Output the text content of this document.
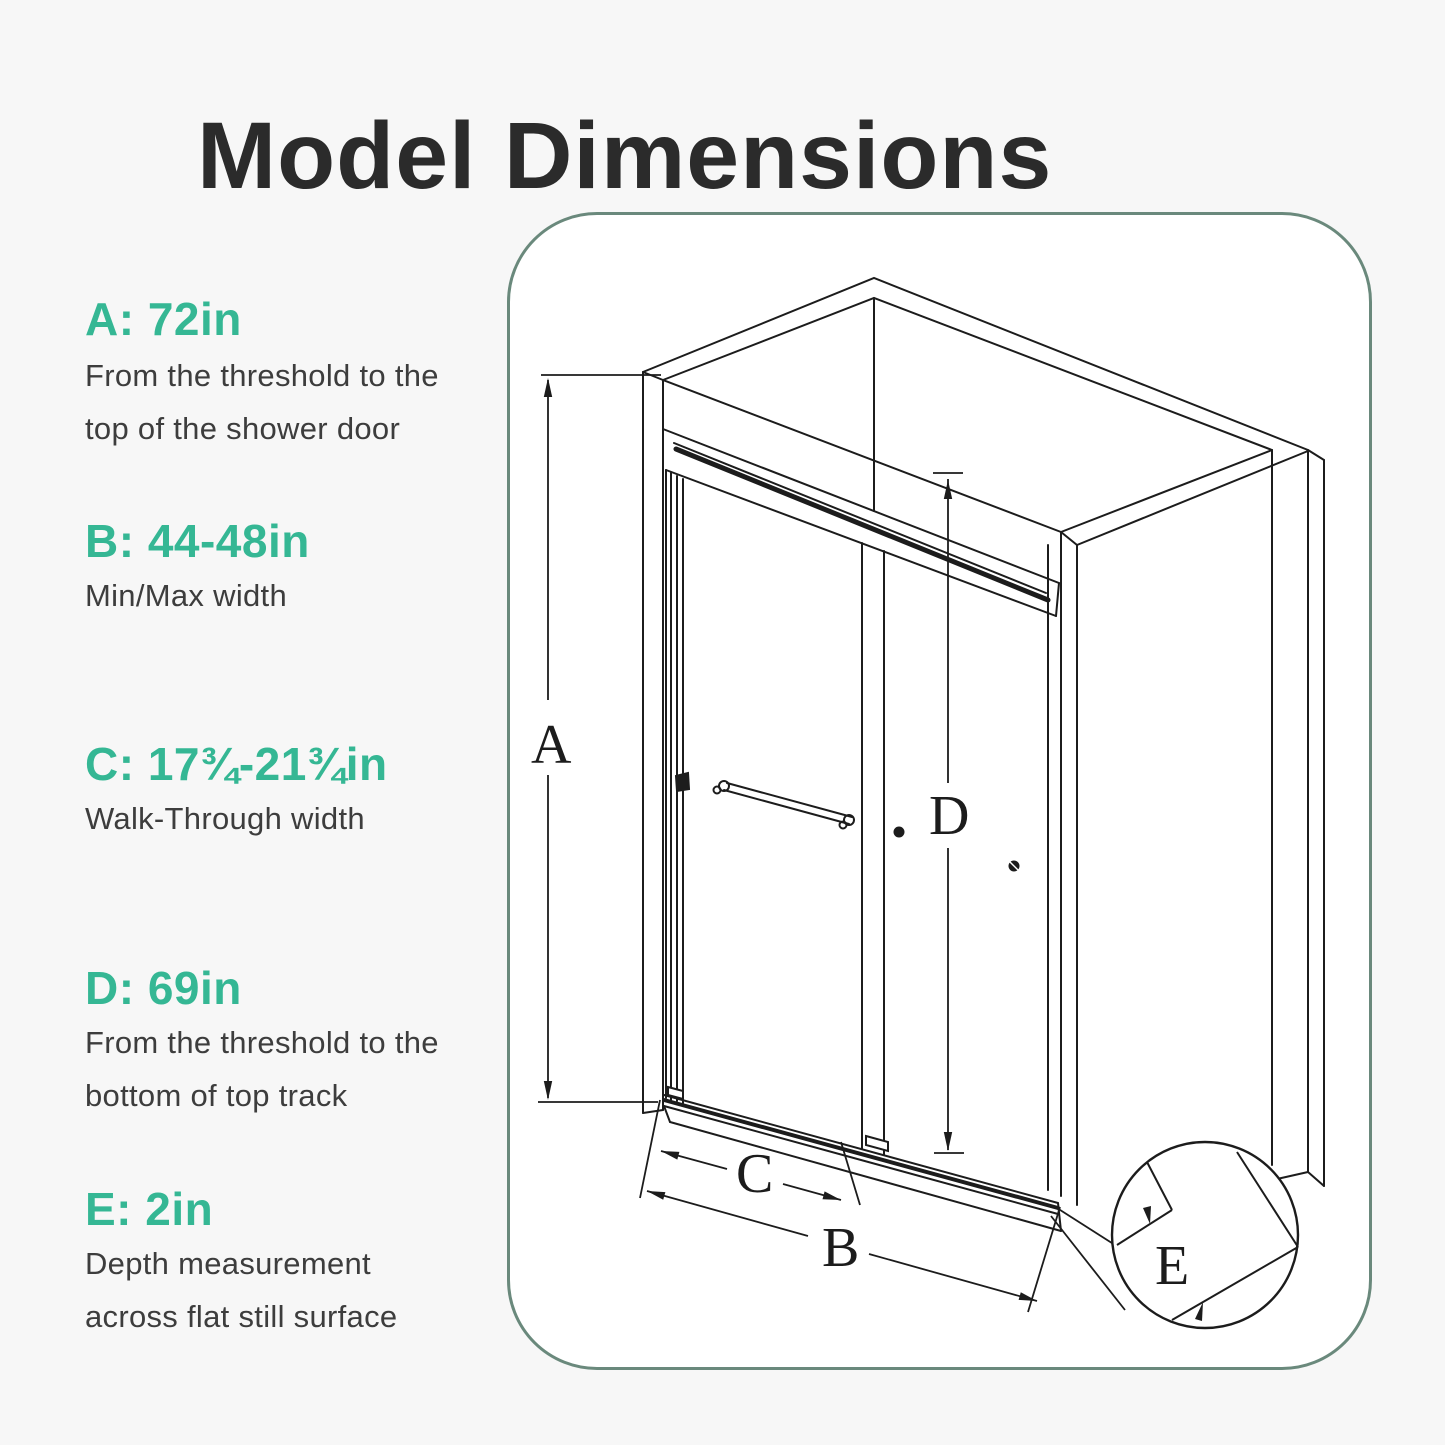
Model Dimensions
A: 72in
From the threshold to the
top of the shower door
B: 44-48in
Min/Max width
C: 17¾-21¾in
Walk-Through width
D: 69in
From the threshold to the
bottom of top track
E: 2in
Depth measurement
across flat still surface
A
D
C
B	E
